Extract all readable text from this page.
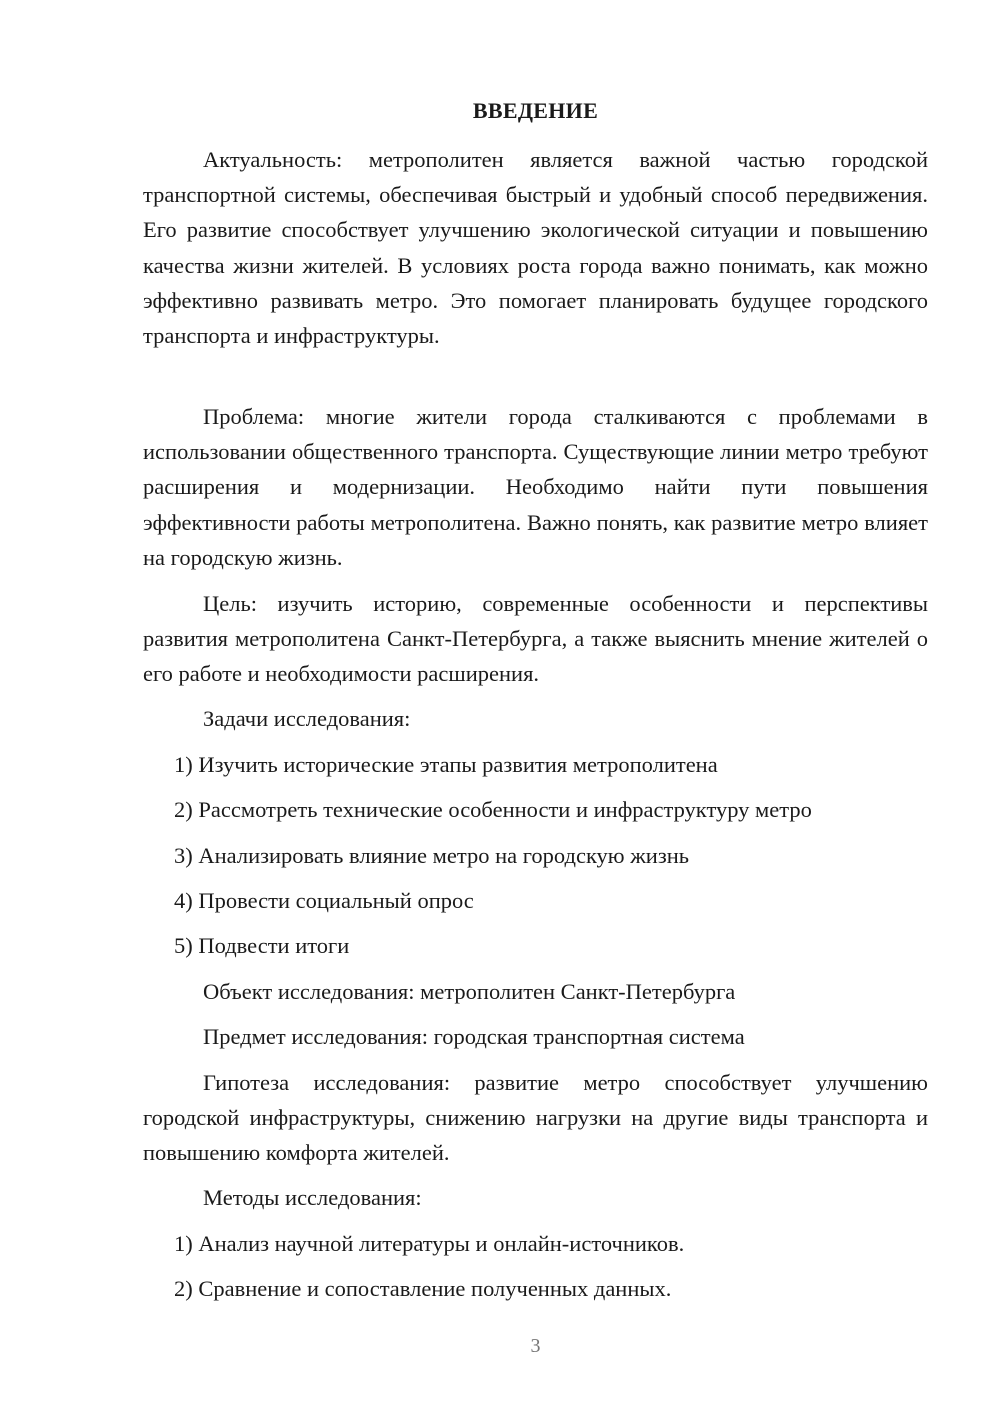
ВВЕДЕНИЕ

Актуальность: метрополитен является важной частью городской транспортной системы, обеспечивая быстрый и удобный способ передвижения. Его развитие способствует улучшению экологической ситуации и повышению качества жизни жителей. В условиях роста города важно понимать, как можно эффективно развивать метро. Это помогает планировать будущее городского транспорта и инфраструктуры.

Проблема: многие жители города сталкиваются с проблемами в использовании общественного транспорта. Существующие линии метро требуют расширения и модернизации. Необходимо найти пути повышения эффективности работы метрополитена. Важно понять, как развитие метро влияет на городскую жизнь.

Цель: изучить историю, современные особенности и перспективы развития метрополитена Санкт-Петербурга, а также выяснить мнение жителей о его работе и необходимости расширения.

Задачи исследования:
1) Изучить исторические этапы развития метрополитена
2) Рассмотреть технические особенности и инфраструктуру метро
3) Анализировать влияние метро на городскую жизнь
4) Провести социальный опрос
5) Подвести итоги
Объект исследования: метрополитен Санкт-Петербурга
Предмет исследования: городская транспортная система

Гипотеза исследования: развитие метро способствует улучшению городской инфраструктуры, снижению нагрузки на другие виды транспорта и повышению комфорта жителей.

Методы исследования:
1) Анализ научной литературы и онлайн-источников.
2) Сравнение и сопоставление полученных данных.
3
